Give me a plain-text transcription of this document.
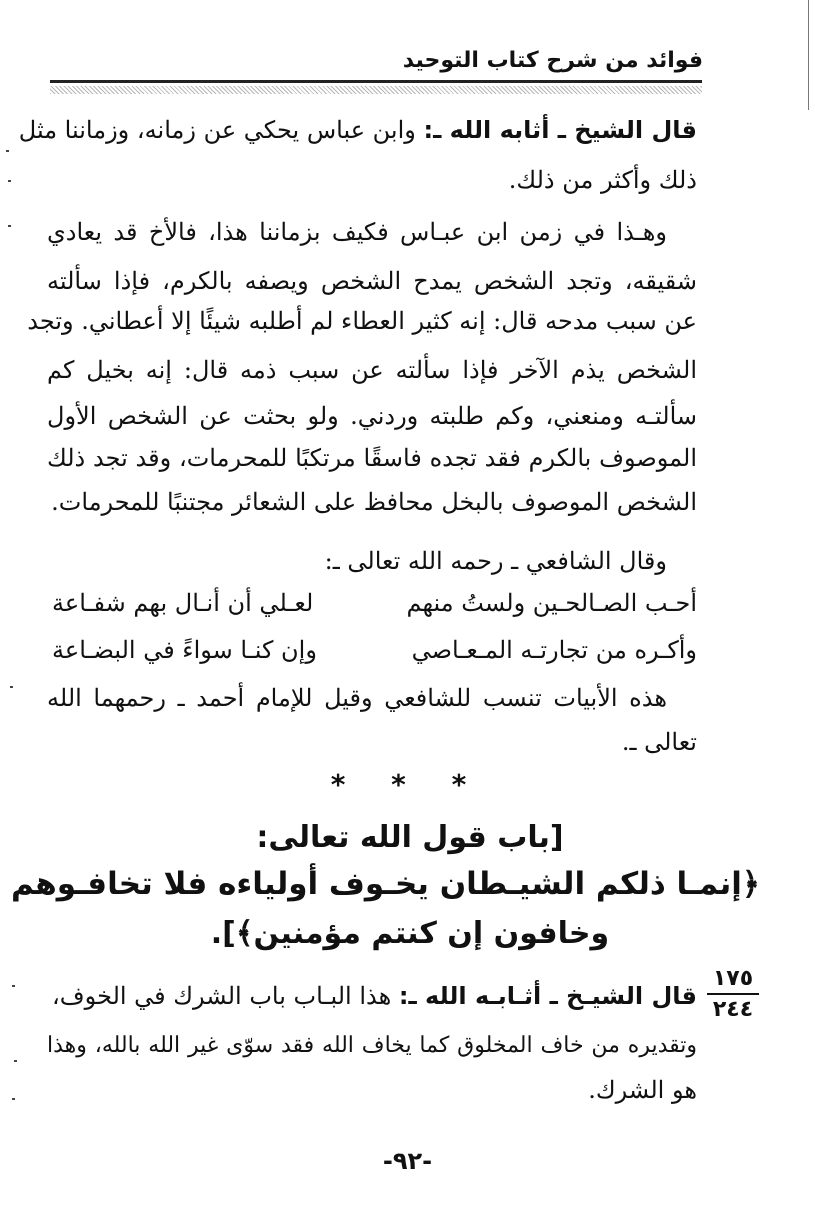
فوائد من شرح كتاب التوحيد
قال الشيخ ـ أثابه الله ـ: وابن عباس يحكي عن زمانه، وزماننا مثل
ذلك وأكثر من ذلك.
وهـذا في زمن ابن عبـاس فكيف بزماننا هذا، فالأخ قد يعادي
شقيقه، وتجد الشخص يمدح الشخص ويصفه بالكرم، فإذا سألته
عن سبب مدحه قال: إنه كثير العطاء لم أطلبه شيئًا إلا أعطاني. وتجد
الشخص يذم الآخر فإذا سألته عن سبب ذمه قال: إنه بخيل كم
سألتـه ومنعني، وكم طلبته وردني. ولو بحثت عن الشخص الأول
الموصوف بالكرم فقد تجده فاسقًا مرتكبًا للمحرمات، وقد تجد ذلك
الشخص الموصوف بالبخل محافظ على الشعائر مجتنبًا للمحرمات.
وقال الشافعي ـ رحمه الله تعالى ـ:
أحـب الصـالحـين ولستُ منهم
لعـلي أن أنـال بهم شفـاعة
وأكـره من تجارتـه المـعـاصي
وإن كنـا سواءً في البضـاعة
هذه الأبيات تنسب للشافعي وقيل للإمام أحمد ـ رحمهما الله
تعالى ـ.
* * *
[باب قول الله تعالى:
﴿إنمـا ذلكم الشيـطان يخـوف أولياءه فلا تخافـوهم
وخافون إن كنتم مؤمنين﴾].
١٧٥
٢٤٤
قال الشيـخ ـ أثـابـه الله ـ: هذا البـاب باب الشرك في الخوف،
وتقديره من خاف المخلوق كما يخاف الله فقد سوّى غير الله بالله، وهذا
هو الشرك.
-٩٢-
